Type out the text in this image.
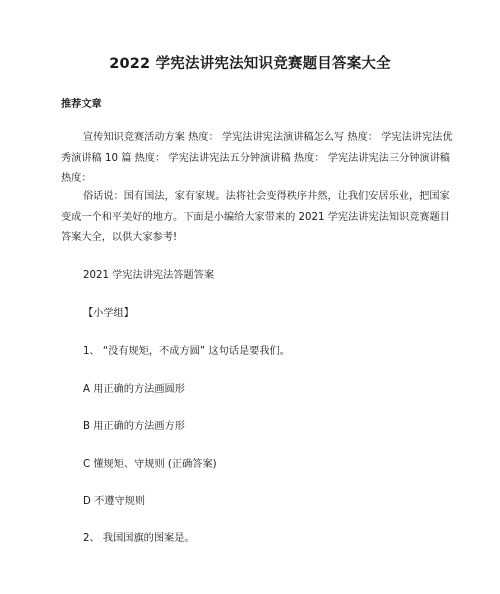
2022 学宪法讲宪法知识竞赛题目答案大全

推荐文章

宣传知识竞赛活动方案 热度： 学宪法讲宪法演讲稿怎么写 热度： 学宪法讲宪法优秀演讲稿 10 篇 热度： 学宪法讲宪法五分钟演讲稿 热度： 学宪法讲宪法三分钟演讲稿 热度：

俗话说：国有国法，家有家规。法将社会变得秩序井然，让我们安居乐业，把国家变成一个和平美好的地方。下面是小编给大家带来的 2021 学宪法讲宪法知识竞赛题目答案大全，以供大家参考!

2021 学宪法讲宪法答题答案

【小学组】

1、 “没有规矩，不成方圆” 这句话是要我们。

A 用正确的方法画圆形

B 用正确的方法画方形

C 懂规矩、守规则 (正确答案)

D 不遵守规则

2、 我国国旗的图案是。
